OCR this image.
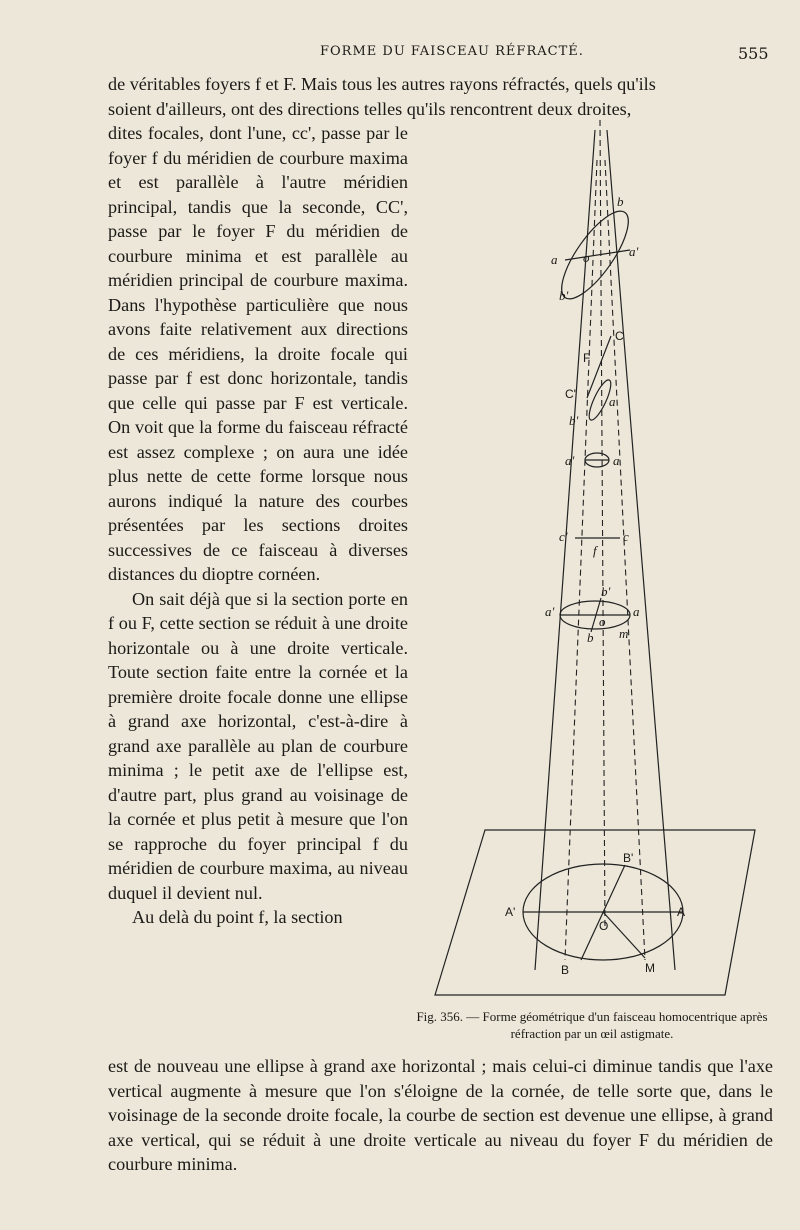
FORME DU FAISCEAU RÉFRACTÉ.	555

de véritables foyers f et F. Mais tous les autres rayons réfractés, quels qu'ils

soient d'ailleurs, ont des directions telles qu'ils rencontrent deux droites,

dites focales, dont l'une, cc', passe par le foyer f du méridien de courbure maxima et est parallèle à l'autre méridien principal, tandis que la seconde, CC', passe par le foyer F du méridien de courbure minima et est parallèle au méridien principal de courbure maxima. Dans l'hypothèse particulière que nous avons faite relativement aux directions de ces méridiens, la droite focale qui passe par f est donc horizontale, tandis que celle qui passe par F est verticale. On voit que la forme du faisceau réfracté est assez complexe ; on aura une idée plus nette de cette forme lorsque nous aurons indiqué la nature des courbes présentées par les sections droites successives de ce faisceau à diverses distances du dioptre cornéen.

On sait déjà que si la section porte en f ou F, cette section se réduit à une droite horizontale ou à une droite verticale. Toute section faite entre la cornée et la première droite focale donne une ellipse à grand axe horizontal, c'est-à-dire à grand axe parallèle au plan de courbure minima ; le petit axe de l'ellipse est, d'autre part, plus grand au voisinage de la cornée et plus petit à mesure que l'on se rapproche du foyer principal f du méridien de courbure maxima, au niveau duquel il devient nul.

Au delà du point f, la section

est de nouveau une ellipse à grand axe horizontal ; mais celui-ci diminue tandis que l'axe vertical augmente à mesure que l'on s'éloigne de la cornée, de telle sorte que, dans le voisinage de la seconde droite focale, la courbe de section est devenue une ellipse, à grand axe vertical, qui se réduit à une droite verticale au niveau du foyer F du méridien de courbure minima.

b
a
a'
o
b'
C
F
C'	a
b'
a'	a
c'	c
f
b'
a'	a
o
b m
B'
A'
O
A
B	M
Fig. 356. — Forme géométrique d'un faisceau homocentrique après réfraction par un œil astigmate.
